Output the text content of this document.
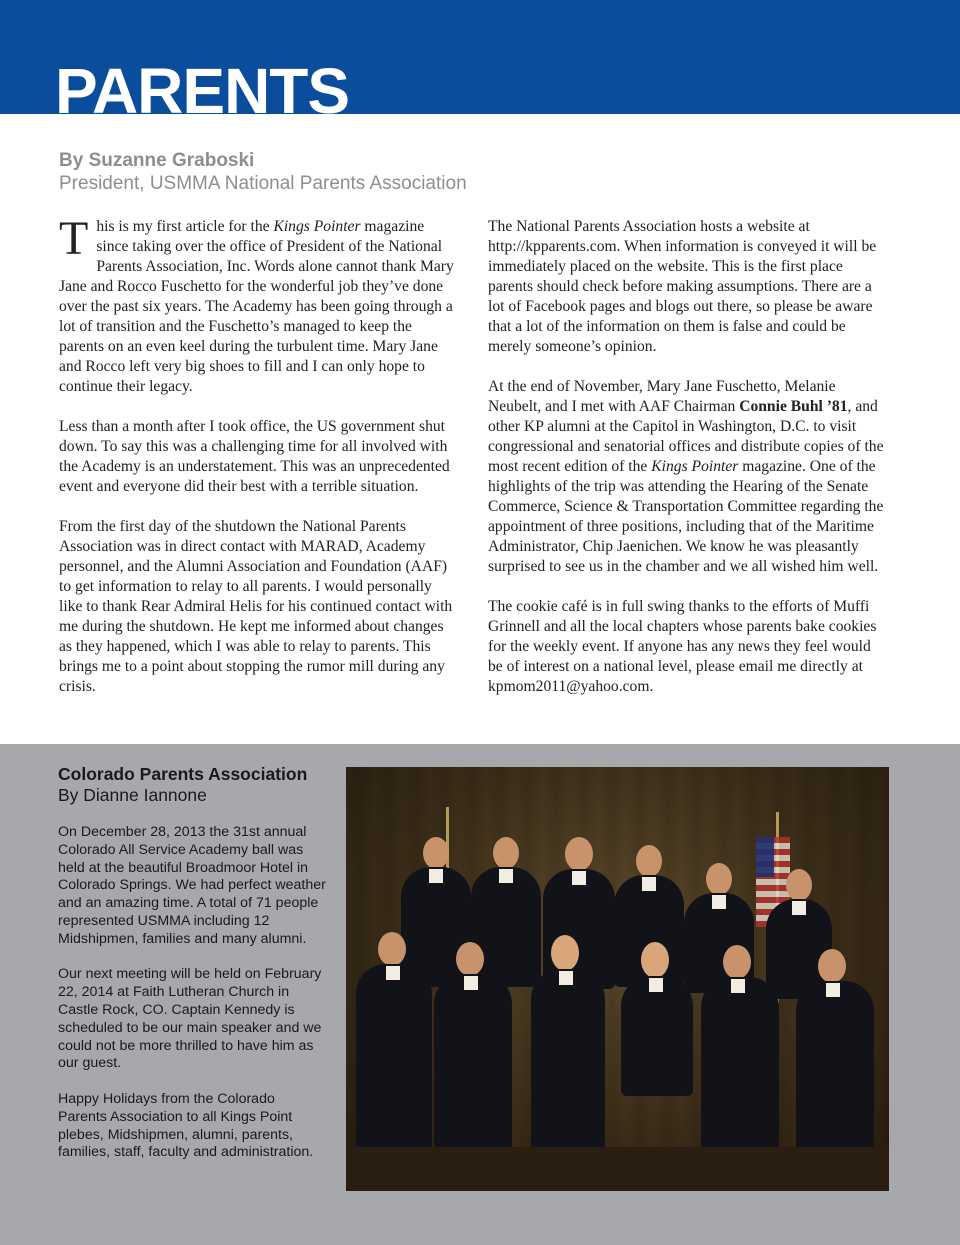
PARENTS
By Suzanne Graboski
President, USMMA National Parents Association

This is my first article for the Kings Pointer magazine since taking over the office of President of the National Parents Association, Inc. Words alone cannot thank Mary Jane and Rocco Fuschetto for the wonderful job they’ve done over the past six years. The Academy has been going through a lot of transition and the Fuschetto’s managed to keep the parents on an even keel during the turbulent time. Mary Jane and Rocco left very big shoes to fill and I can only hope to continue their legacy.

Less than a month after I took office, the US government shut down. To say this was a challenging time for all involved with the Academy is an understatement. This was an unprecedented event and everyone did their best with a terrible situation.

From the first day of the shutdown the National Parents Association was in direct contact with MARAD, Academy personnel, and the Alumni Association and Foundation (AAF) to get information to relay to all parents. I would personally like to thank Rear Admiral Helis for his continued contact with me during the shutdown. He kept me informed about changes as they happened, which I was able to relay to parents. This brings me to a point about stopping the rumor mill during any crisis.

The National Parents Association hosts a website at http://kpparents.com. When information is conveyed it will be immediately placed on the website. This is the first place parents should check before making assumptions. There are a lot of Facebook pages and blogs out there, so please be aware that a lot of the information on them is false and could be merely someone’s opinion.

At the end of November, Mary Jane Fuschetto, Melanie Neubelt, and I met with AAF Chairman Connie Buhl ’81, and other KP alumni at the Capitol in Washington, D.C. to visit congressional and senatorial offices and distribute copies of the most recent edition of the Kings Pointer magazine. One of the highlights of the trip was attending the Hearing of the Senate Commerce, Science & Transportation Committee regarding the appointment of three positions, including that of the Maritime Administrator, Chip Jaenichen. We know he was pleasantly surprised to see us in the chamber and we all wished him well.

The cookie café is in full swing thanks to the efforts of Muffi Grinnell and all the local chapters whose parents bake cookies for the weekly event. If anyone has any news they feel would be of interest on a national level, please email me directly at kpmom2011@yahoo.com.

Colorado Parents Association
By Dianne Iannone

On December 28, 2013 the 31st annual Colorado All Service Academy ball was held at the beautiful Broadmoor Hotel in Colorado Springs. We had perfect weather and an amazing time. A total of 71 people represented USMMA including 12 Midshipmen, families and many alumni.

Our next meeting will be held on February 22, 2014 at Faith Lutheran Church in Castle Rock, CO. Captain Kennedy is scheduled to be our main speaker and we could not be more thrilled to have him as our guest.

Happy Holidays from the Colorado Parents Association to all Kings Point plebes, Midshipmen, alumni, parents, families, staff, faculty and administration.
